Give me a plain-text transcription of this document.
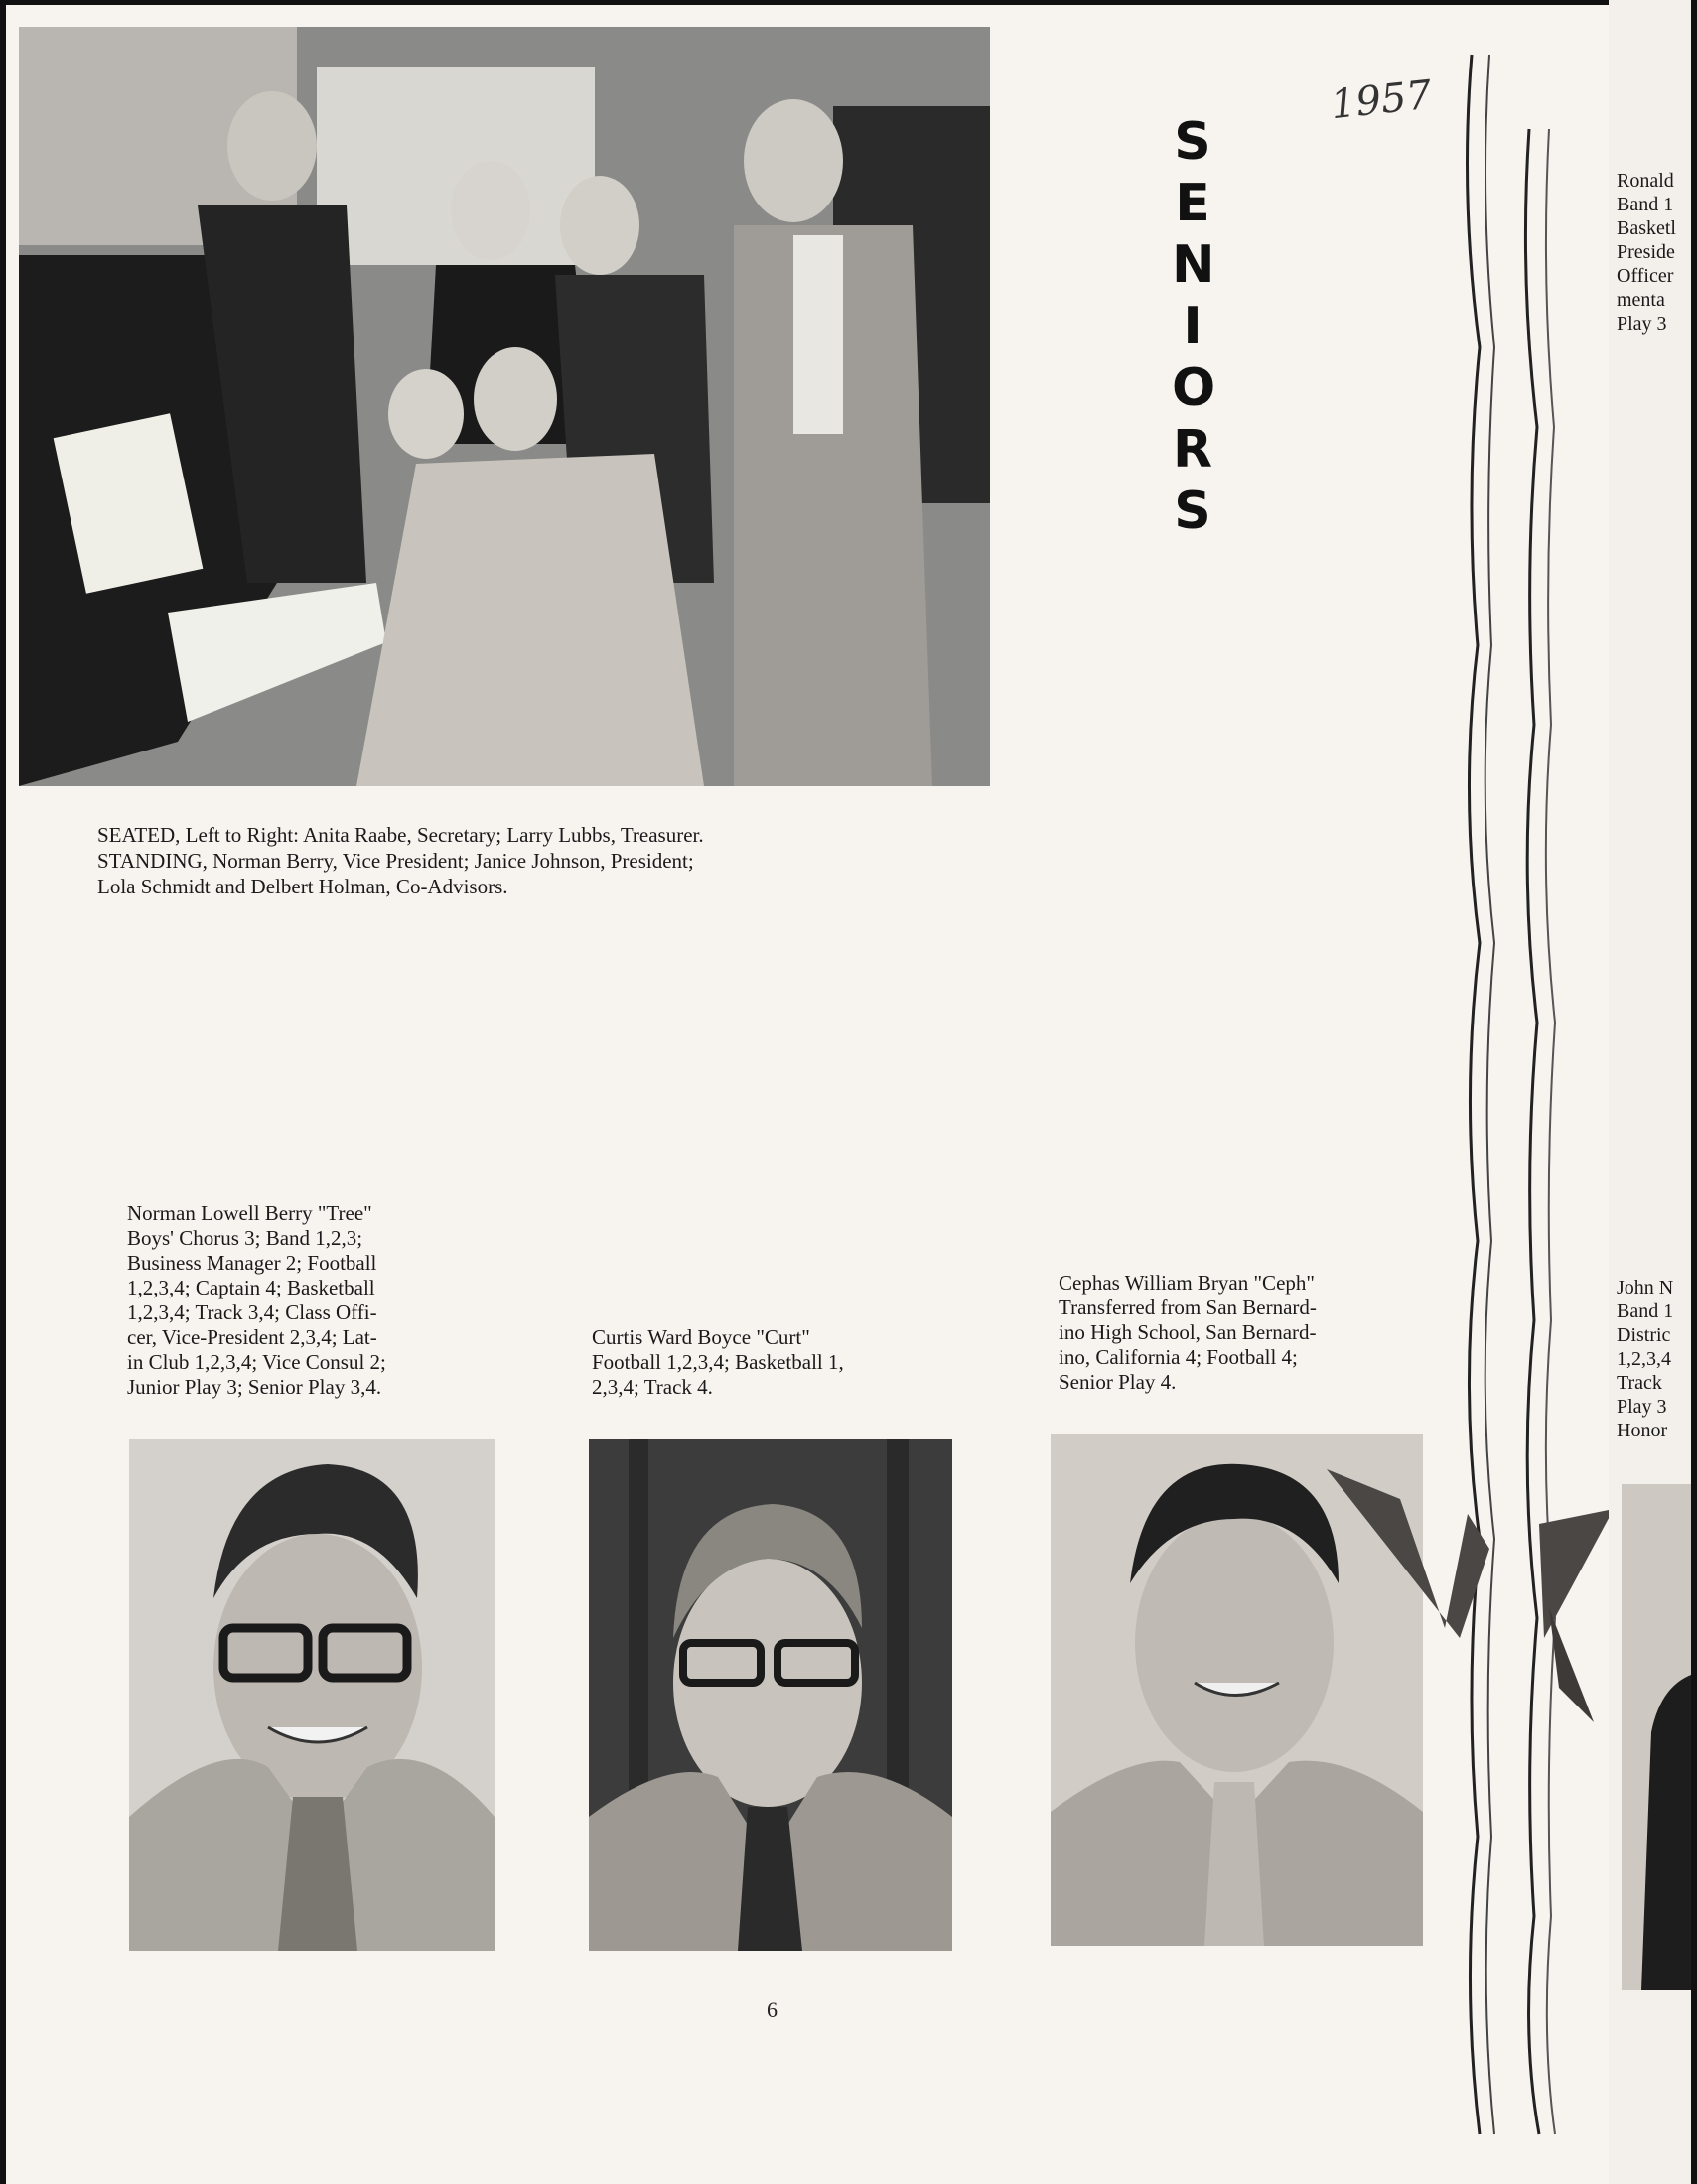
1957
S
E
N
I
O
R
S
SEATED, Left to Right: Anita Raabe, Secretary; Larry Lubbs, Treasurer.
STANDING, Norman Berry, Vice President; Janice Johnson, President;
Lola Schmidt and Delbert Holman, Co-Advisors.
Norman Lowell Berry "Tree"
Boys' Chorus 3; Band 1,2,3;
Business Manager 2; Football
1,2,3,4; Captain 4; Basketball
1,2,3,4; Track 3,4; Class Offi-
cer, Vice-President 2,3,4; Lat-
in Club 1,2,3,4; Vice Consul 2;
Junior Play 3; Senior Play 3,4.
Curtis Ward Boyce "Curt"
Football 1,2,3,4; Basketball 1,
2,3,4; Track 4.
Cephas William Bryan "Ceph"
Transferred from San Bernard-
ino High School, San Bernard-
ino, California 4; Football 4;
Senior Play 4.
6
Ronald
Band 1
Basketl
Preside
Officer
menta
Play 3
John N
Band 1
Distric
1,2,3,4
Track
Play 3
Honor
